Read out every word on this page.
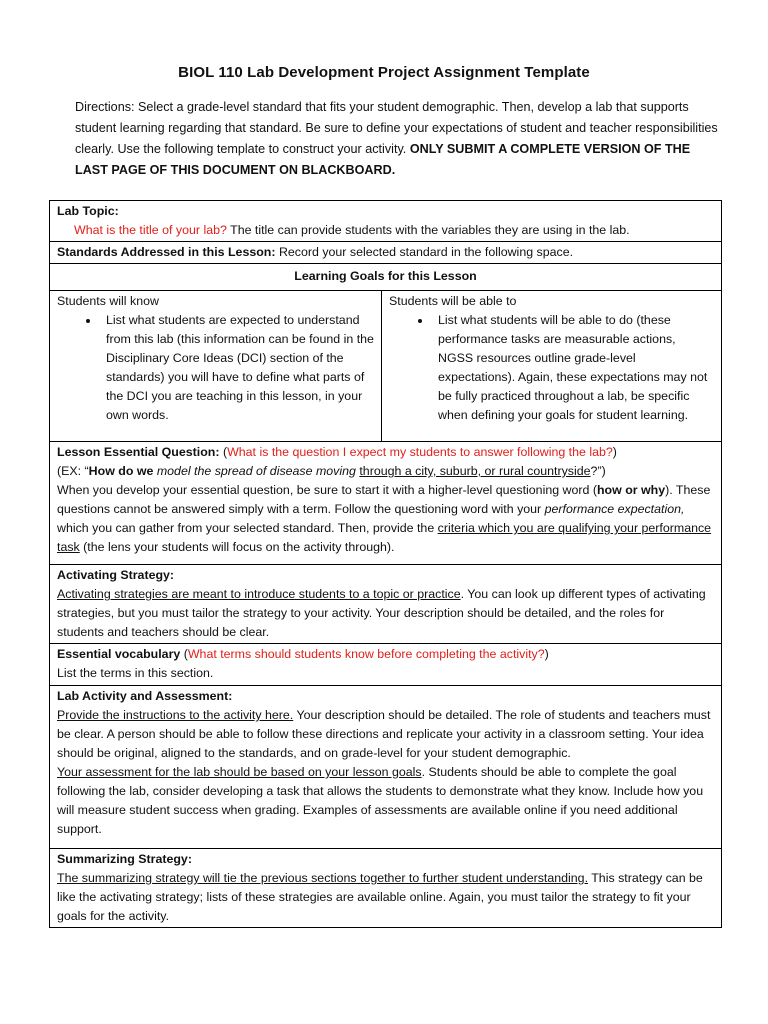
BIOL 110 Lab Development Project Assignment Template
Directions: Select a grade-level standard that fits your student demographic. Then, develop a lab that supports student learning regarding that standard. Be sure to define your expectations of student and teacher responsibilities clearly. Use the following template to construct your activity. ONLY SUBMIT A COMPLETE VERSION OF THE LAST PAGE OF THIS DOCUMENT ON BLACKBOARD.
Lab Topic:

What is the title of your lab? The title can provide students with the variables they are using in the lab.

Standards Addressed in this Lesson: Record your selected standard in the following space.
Learning Goals for this Lesson

Students will know
• List what students are expected to understand from this lab (this information can be found in the Disciplinary Core Ideas (DCI) section of the standards) you will have to define what parts of the DCI you are teaching in this lesson, in your own words.

Students will be able to
• List what students will be able to do (these performance tasks are measurable actions, NGSS resources outline grade-level expectations). Again, these expectations may not be fully practiced throughout a lab, be specific when defining your goals for student learning.

Lesson Essential Question: (What is the question I expect my students to answer following the lab?)
(EX: “How do we model the spread of disease moving through a city, suburb, or rural countryside?”)
When you develop your essential question, be sure to start it with a higher-level questioning word (how or why). These questions cannot be answered simply with a term. Follow the questioning word with your performance expectation, which you can gather from your selected standard. Then, provide the criteria which you are qualifying your performance task (the lens your students will focus on the activity through).
Activating Strategy:
Activating strategies are meant to introduce students to a topic or practice. You can look up different types of activating strategies, but you must tailor the strategy to your activity. Your description should be detailed, and the roles for students and teachers should be clear.
Essential vocabulary (What terms should students know before completing the activity?)
List the terms in this section.
Lab Activity and Assessment:
Provide the instructions to the activity here. Your description should be detailed. The role of students and teachers must be clear. A person should be able to follow these directions and replicate your activity in a classroom setting. Your idea should be original, aligned to the standards, and on grade-level for your student demographic.
Your assessment for the lab should be based on your lesson goals. Students should be able to complete the goal following the lab, consider developing a task that allows the students to demonstrate what they know. Include how you will measure student success when grading. Examples of assessments are available online if you need additional support.
Summarizing Strategy:
The summarizing strategy will tie the previous sections together to further student understanding. This strategy can be like the activating strategy; lists of these strategies are available online. Again, you must tailor the strategy to fit your goals for the activity.
